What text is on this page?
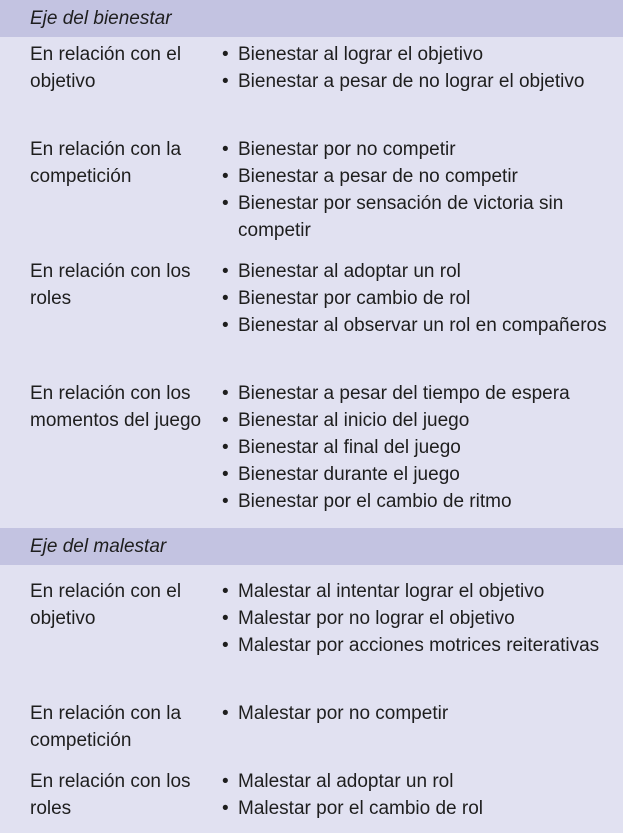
Eje del bienestar
En relación con el objetivo
• Bienestar al lograr el objetivo
• Bienestar a pesar de no lograr el objetivo
En relación con la competición
• Bienestar por no competir
• Bienestar a pesar de no competir
• Bienestar por sensación de victoria sin competir
En relación con los roles
• Bienestar al adoptar un rol
• Bienestar por cambio de rol
• Bienestar al observar un rol en compañeros
En relación con los momentos del juego
• Bienestar a pesar del tiempo de espera
• Bienestar al inicio del juego
• Bienestar al final del juego
• Bienestar durante el juego
• Bienestar por el cambio de ritmo
Eje del malestar
En relación con el objetivo
• Malestar al intentar lograr el objetivo
• Malestar por no lograr el objetivo
• Malestar por acciones motrices reiterativas
En relación con la competición
• Malestar por no competir
En relación con los roles
• Malestar al adoptar un rol
• Malestar por el cambio de rol
